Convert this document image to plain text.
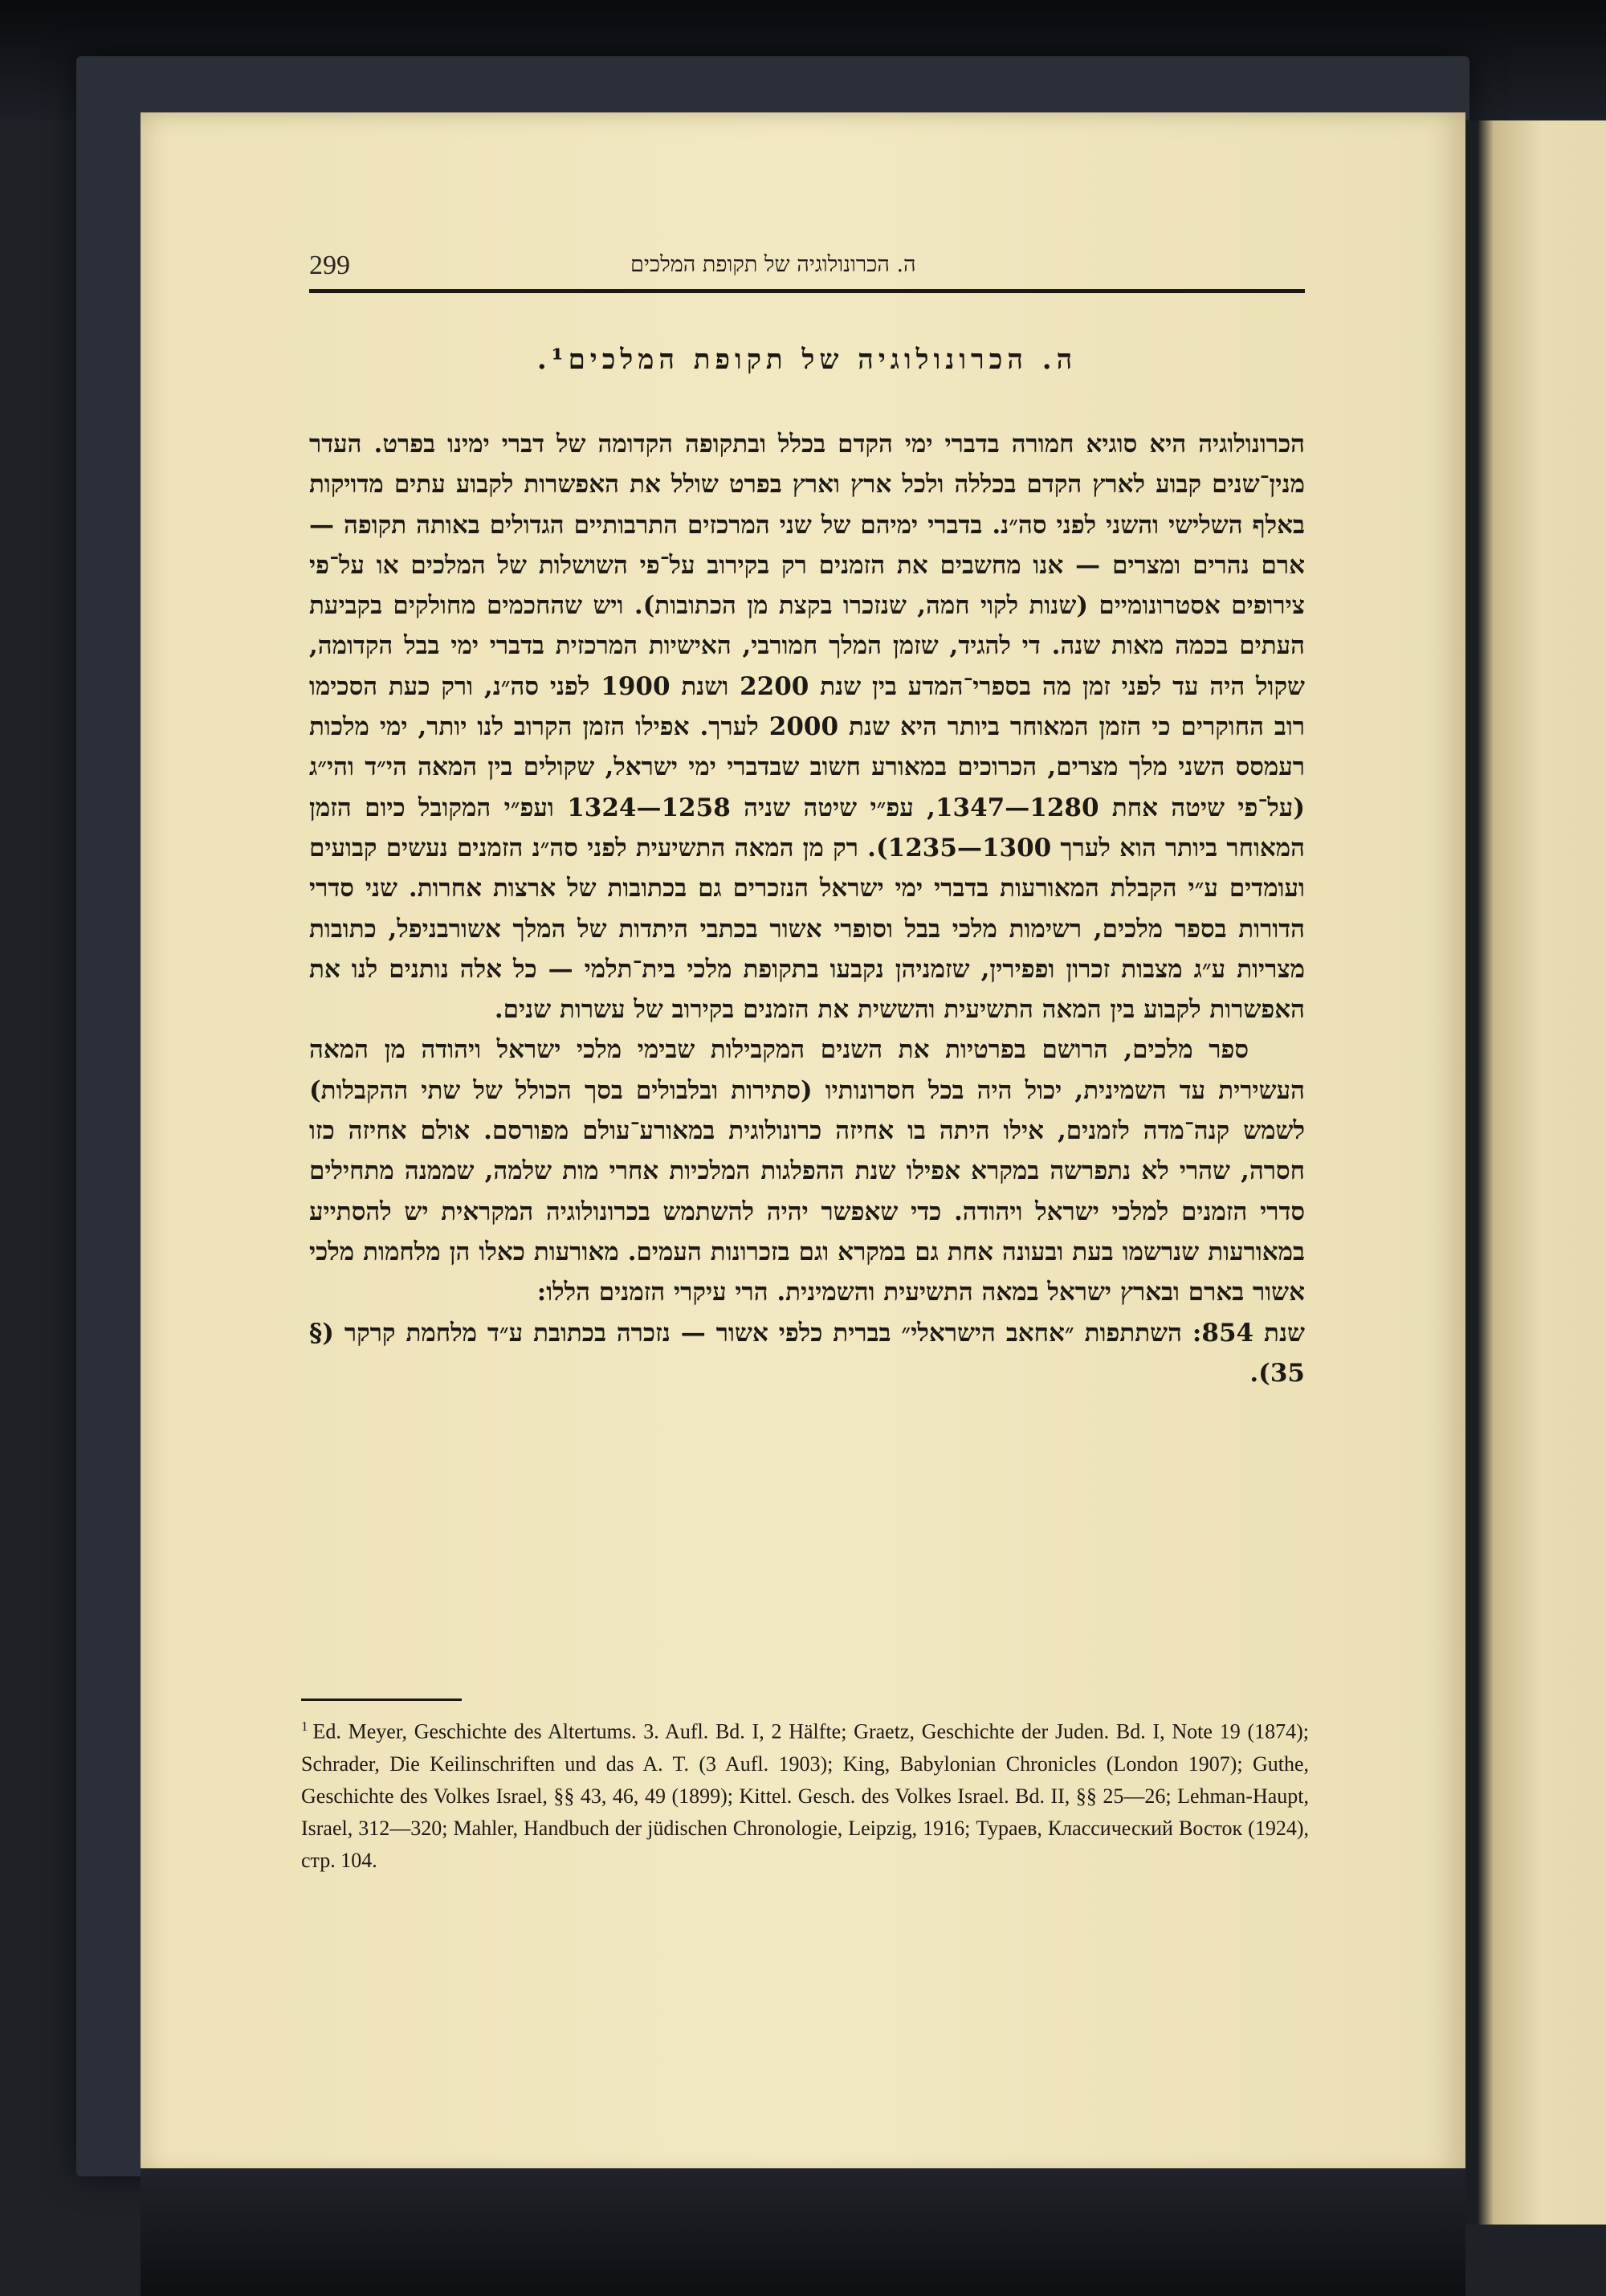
299	ה. הכרונולוגיה של תקופת המלכים
ה. הכרונולוגיה של תקופת המלכים¹.

הכרונולוגיה היא סוגיא חמורה בדברי ימי הקדם בכלל ובתקופה הקדומה של דברי ימינו בפרט. העדר מנין־שנים קבוע לארץ הקדם בכללה ולכל ארץ וארץ בפרט שולל את האפשרות לקבוע עתים מדויקות באלף השלישי והשני לפני סה״נ. בדברי ימיהם של שני המרכזים התרבותיים הגדולים באותה תקופה — ארם נהרים ומצרים — אנו מחשבים את הזמנים רק בקירוב על־פי השושלות של המלכים או על־פי צירופים אסטרונומיים (שנות לקוי חמה, שנזכרו בקצת מן הכתובות). ויש שהחכמים מחולקים בקביעת העתים בכמה מאות שנה. די להגיד, שזמן המלך חמורבי, האישיות המרכזית בדברי ימי בבל הקדומה, שקול היה עד לפני זמן מה בספרי־המדע בין שנת 2200 ושנת 1900 לפני סה״נ, ורק כעת הסכימו רוב החוקרים כי הזמן המאוחר ביותר היא שנת 2000 לערך. אפילו הזמן הקרוב לנו יותר, ימי מלכות רעמסס השני מלך מצרים, הכרוכים במאורע חשוב שבדברי ימי ישראל, שקולים בין המאה הי״ד והי״ג (על־פי שיטה אחת 1280—1347, עפ״י שיטה שניה 1258—1324 ועפ״י המקובל כיום הזמן המאוחר ביותר הוא לערך 1300—1235). רק מן המאה התשיעית לפני סה״נ הזמנים נעשים קבועים ועומדים ע״י הקבלת המאורעות בדברי ימי ישראל הנזכרים גם בכתובות של ארצות אחרות. שני סדרי הדורות בספר מלכים, רשימות מלכי בבל וסופרי אשור בכתבי היתדות של המלך אשורבניפל, כתובות מצריות ע״ג מצבות זכרון ופפירין, שזמניהן נקבעו בתקופת מלכי בית־תלמי — כל אלה נותנים לנו את האפשרות לקבוע בין המאה התשיעית והששית את הזמנים בקירוב של עשרות שנים.

ספר מלכים, הרושם בפרטיות את השנים המקבילות שבימי מלכי ישראל ויהודה מן המאה העשירית עד השמינית, יכול היה בכל חסרונותיו (סתירות ובלבולים בסך הכולל של שתי ההקבלות) לשמש קנה־מדה לזמנים, אילו היתה בו אחיזה כרונולוגית במאורע־עולם מפורסם. אולם אחיזה כזו חסרה, שהרי לא נתפרשה במקרא אפילו שנת ההפלגות המלכיות אחרי מות שלמה, שממנה מתחילים סדרי הזמנים למלכי ישראל ויהודה. כדי שאפשר יהיה להשתמש בכרונולוגיה המקראית יש להסתייע במאורעות שנרשמו בעת ובעונה אחת גם במקרא וגם בזכרונות העמים. מאורעות כאלו הן מלחמות מלכי אשור בארם ובארץ ישראל במאה התשיעית והשמינית. הרי עיקרי הזמנים הללו:

שנת 854: השתתפות ״אחאב הישראלי״ בברית כלפי אשור — נזכרה בכתובת ע״ד מלחמת קרקר (§ 35).

$^1$ Ed. Meyer, Geschichte des Altertums. 3. Aufl. Bd. I, 2 Hälfte; Graetz, Geschichte der Juden. Bd. I, Note 19 (1874); Schrader, Die Keilinschriften und das A. T. (3 Aufl. 1903); King, Babylonian Chronicles (London 1907); Guthe, Geschichte des Volkes Israel, §§ 43, 46, 49 (1899); Kittel. Gesch. des Volkes Israel. Bd. II, §§ 25—26; Lehman-Haupt, Israel, 312—320; Mahler, Handbuch der jüdischen Chronologie, Leipzig, 1916; Тураев, Классический Восток (1924), стр. 104.
